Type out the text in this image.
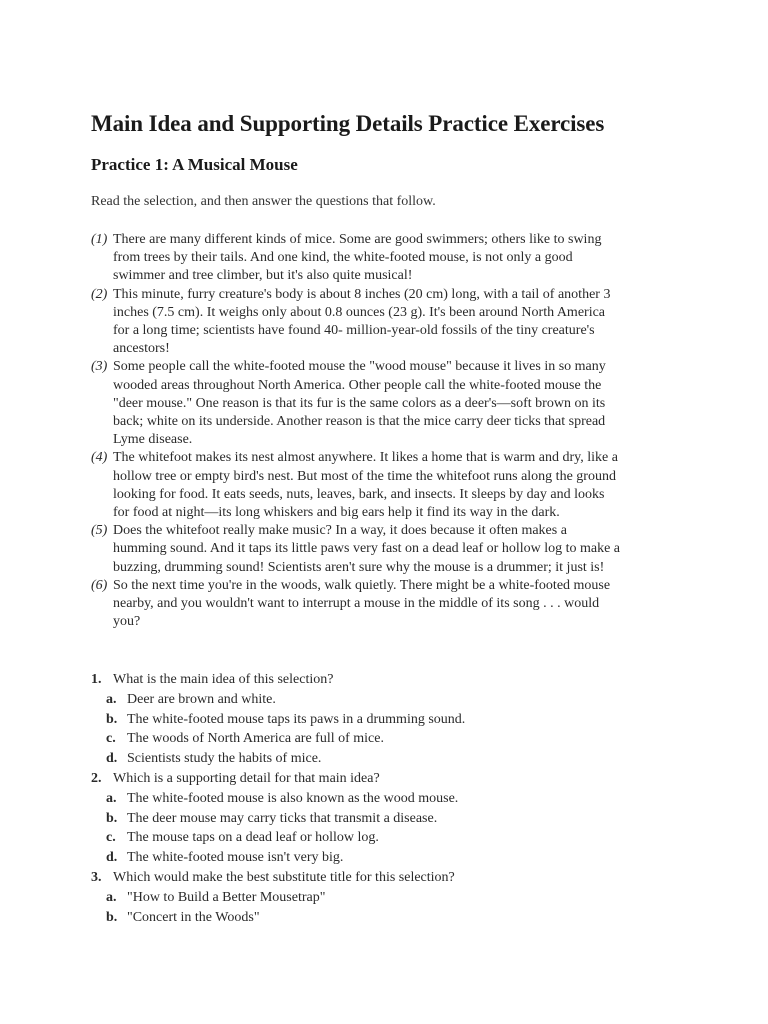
Main Idea and Supporting Details Practice Exercises
Practice 1: A Musical Mouse

Read the selection, and then answer the questions that follow.

(1) There are many different kinds of mice. Some are good swimmers; others like to swing from trees by their tails. And one kind, the white-footed mouse, is not only a good swimmer and tree climber, but it's also quite musical!
(2) This minute, furry creature's body is about 8 inches (20 cm) long, with a tail of another 3 inches (7.5 cm). It weighs only about 0.8 ounces (23 g). It's been around North America for a long time; scientists have found 40- million-year-old fossils of the tiny creature's ancestors!
(3) Some people call the white-footed mouse the "wood mouse" because it lives in so many wooded areas throughout North America. Other people call the white-footed mouse the "deer mouse." One reason is that its fur is the same colors as a deer's—soft brown on its back; white on its underside. Another reason is that the mice carry deer ticks that spread Lyme disease.
(4) The whitefoot makes its nest almost anywhere. It likes a home that is warm and dry, like a hollow tree or empty bird's nest. But most of the time the whitefoot runs along the ground looking for food. It eats seeds, nuts, leaves, bark, and insects. It sleeps by day and looks for food at night—its long whiskers and big ears help it find its way in the dark.
(5) Does the whitefoot really make music? In a way, it does because it often makes a humming sound. And it taps its little paws very fast on a dead leaf or hollow log to make a buzzing, drumming sound! Scientists aren't sure why the mouse is a drummer; it just is!
(6) So the next time you're in the woods, walk quietly. There might be a white-footed mouse nearby, and you wouldn't want to interrupt a mouse in the middle of its song . . . would you?
1. What is the main idea of this selection?
a. Deer are brown and white.
b. The white-footed mouse taps its paws in a drumming sound.
c. The woods of North America are full of mice.
d. Scientists study the habits of mice.
2. Which is a supporting detail for that main idea?
a. The white-footed mouse is also known as the wood mouse.
b. The deer mouse may carry ticks that transmit a disease.
c. The mouse taps on a dead leaf or hollow log.
d. The white-footed mouse isn't very big.
3. Which would make the best substitute title for this selection?
a. "How to Build a Better Mousetrap"
b. "Concert in the Woods"
